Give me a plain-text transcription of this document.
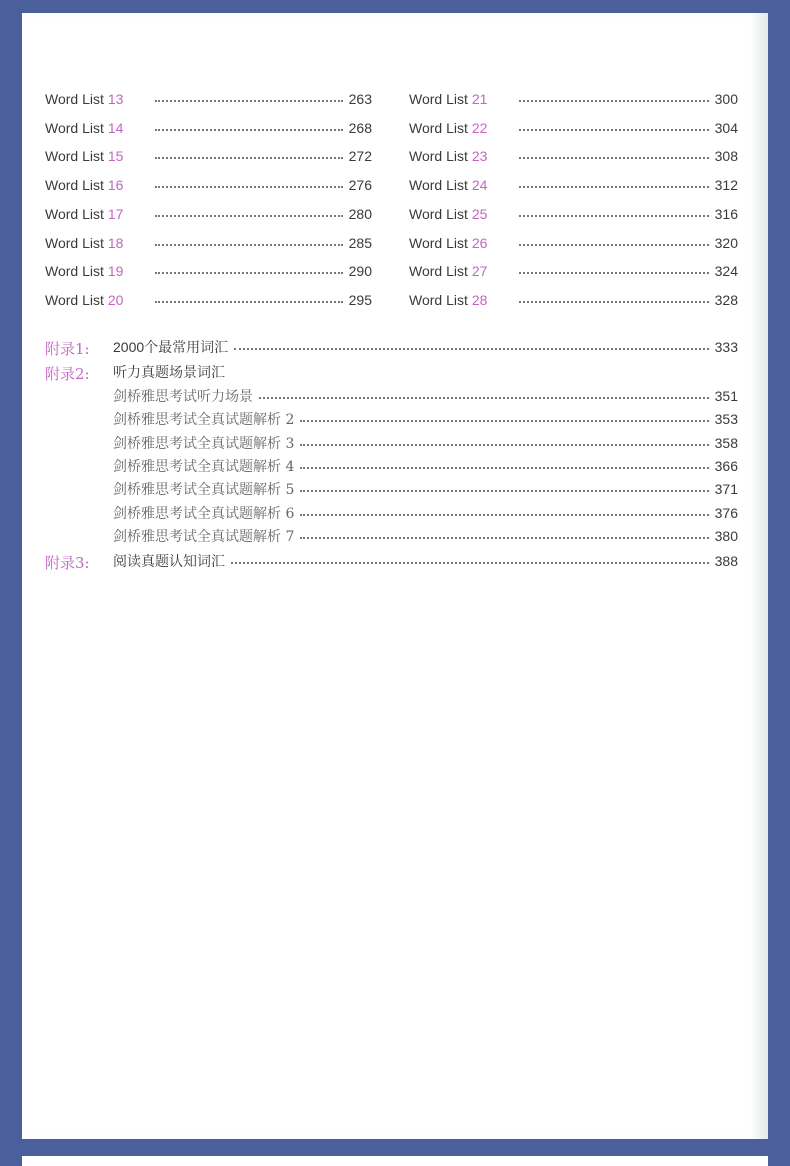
Word List 13	263
Word List 14	268
Word List 15	272
Word List 16	276
Word List 17	280
Word List 18	285
Word List 19	290
Word List 20	295
Word List 21	300
Word List 22	304
Word List 23	308
Word List 24	312
Word List 25	316
Word List 26	320
Word List 27	324
Word List 28	328
附录1: 2000个最常用词汇	333
附录2: 听力真题场景词汇
剑桥雅思考试听力场景	351
剑桥雅思考试全真试题解析 2	353
剑桥雅思考试全真试题解析 3	358
剑桥雅思考试全真试题解析 4	366
剑桥雅思考试全真试题解析 5	371
剑桥雅思考试全真试题解析 6	376
剑桥雅思考试全真试题解析 7	380
附录3: 阅读真题认知词汇	388
